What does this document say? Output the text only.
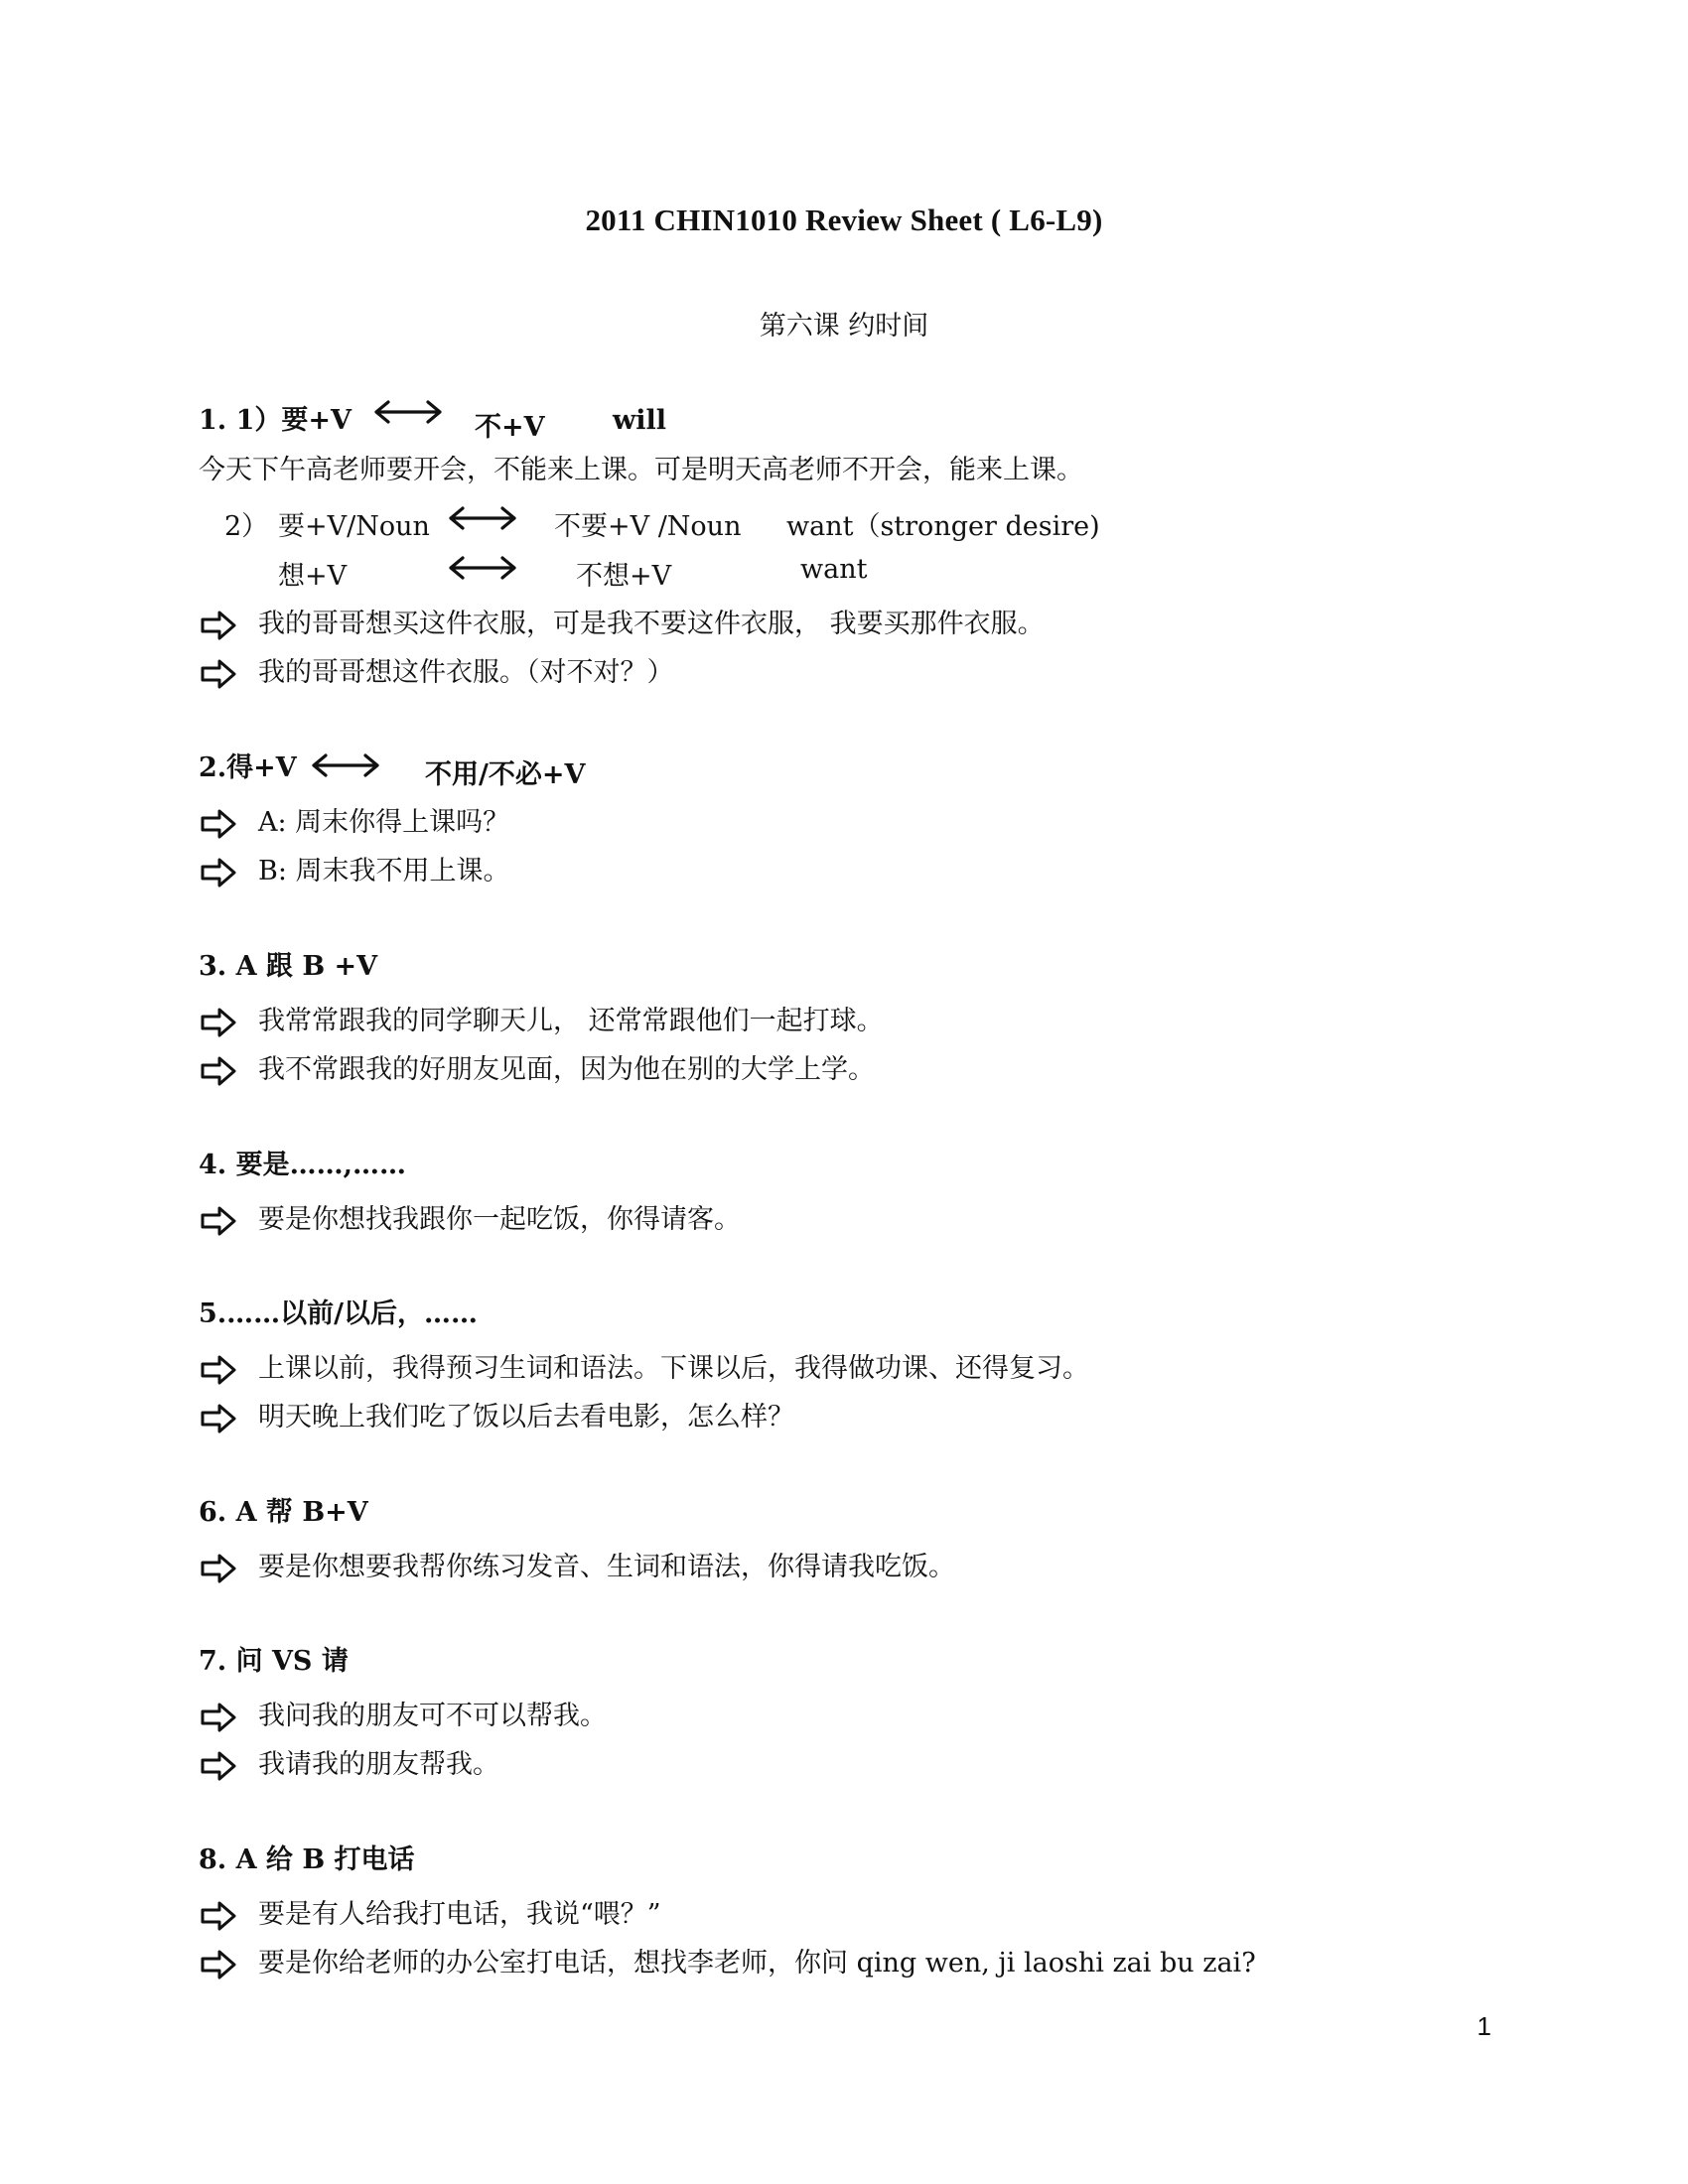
2011 CHIN1010 Review Sheet ( L6-L9)
第六课 约时间
1. 1）要+V	不+V	will
今天下午高老师要开会，不能来上课。可是明天高老师不开会，能来上课。
2） 要+V/Noun	不要+V /Noun want（stronger desire)
想+V	不想+V	want
我的哥哥想买这件衣服，可是我不要这件衣服， 我要买那件衣服。
我的哥哥想这件衣服。（对不对？）
2.得+V	不用/不必+V
A: 周末你得上课吗？
B: 周末我不用上课。
3. A 跟 B +V
我常常跟我的同学聊天儿， 还常常跟他们一起打球。
我不常跟我的好朋友见面，因为他在别的大学上学。
4. 要是……,……
要是你想找我跟你一起吃饭，你得请客。
5.……以前/以后，……
上课以前，我得预习生词和语法。下课以后，我得做功课、还得复习。
明天晚上我们吃了饭以后去看电影，怎么样？
6. A 帮 B+V
要是你想要我帮你练习发音、生词和语法，你得请我吃饭。
7. 问 VS 请
我问我的朋友可不可以帮我。
我请我的朋友帮我。
8. A 给 B 打电话
要是有人给我打电话，我说“喂？”
要是你给老师的办公室打电话，想找李老师，你问 qing wen, ji laoshi zai bu zai?
1
